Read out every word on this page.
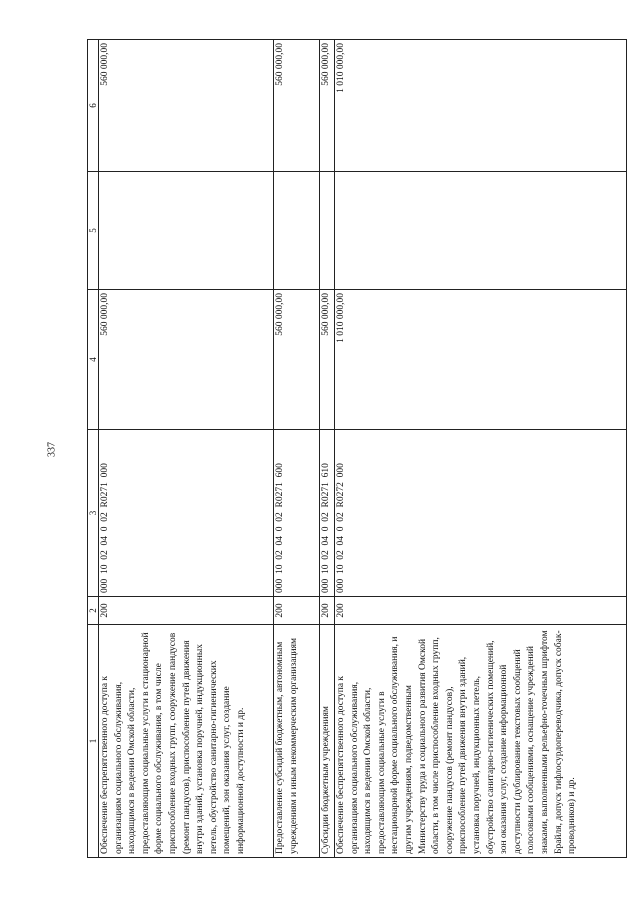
337
1	2	3	4	5	6
Обеспечение беспрепятственного доступа к организациям социального обслуживания, находящимся в ведении Омской области, предоставляющим социальные услуги в стационарной форме социального обслуживания, в том числе приспособление входных групп, сооружение пандусов (ремонт пандусов), приспособление путей движения внутри зданий, установка поручней, индукционных петель, обустройство санитарно-гигиенических помещений, зон оказания услуг, создание информационной доступности и др.	200	000  10  02  04  0  02  R0271  000	560 000,00		560 000,00
Предоставление субсидий бюджетным, автономным учреждениям и иным некоммерческим организациям	200	000  10  02  04  0  02  R0271  600	560 000,00		560 000,00
Субсидии бюджетным учреждениям	200	000  10  02  04  0  02  R0271  610	560 000,00		560 000,00
Обеспечение беспрепятственного доступа к организациям социального обслуживания, находящимся в ведении Омской области, предоставляющим социальные услуги в нестационарной форме социального обслуживания, и другим учреждениям, подведомственным Министерству труда и социального развития Омской области, в том числе приспособление входных групп, сооружение пандусов (ремонт пандусов), приспособление путей движения внутри зданий, установка поручней, индукционных петель, обустройство санитарно-гигиенических помещений, зон оказания услуг, создание информационной доступности (дублирование текстовых сообщений голосовыми сообщениями, оснащение учреждений знаками, выполненными рельефно-точечным шрифтом Брайля, допуск тифлосурдопереводчика, допуск собак-проводников) и др.	200	000  10  02  04  0  02  R0272  000	1 010 000,00		1 010 000,00
